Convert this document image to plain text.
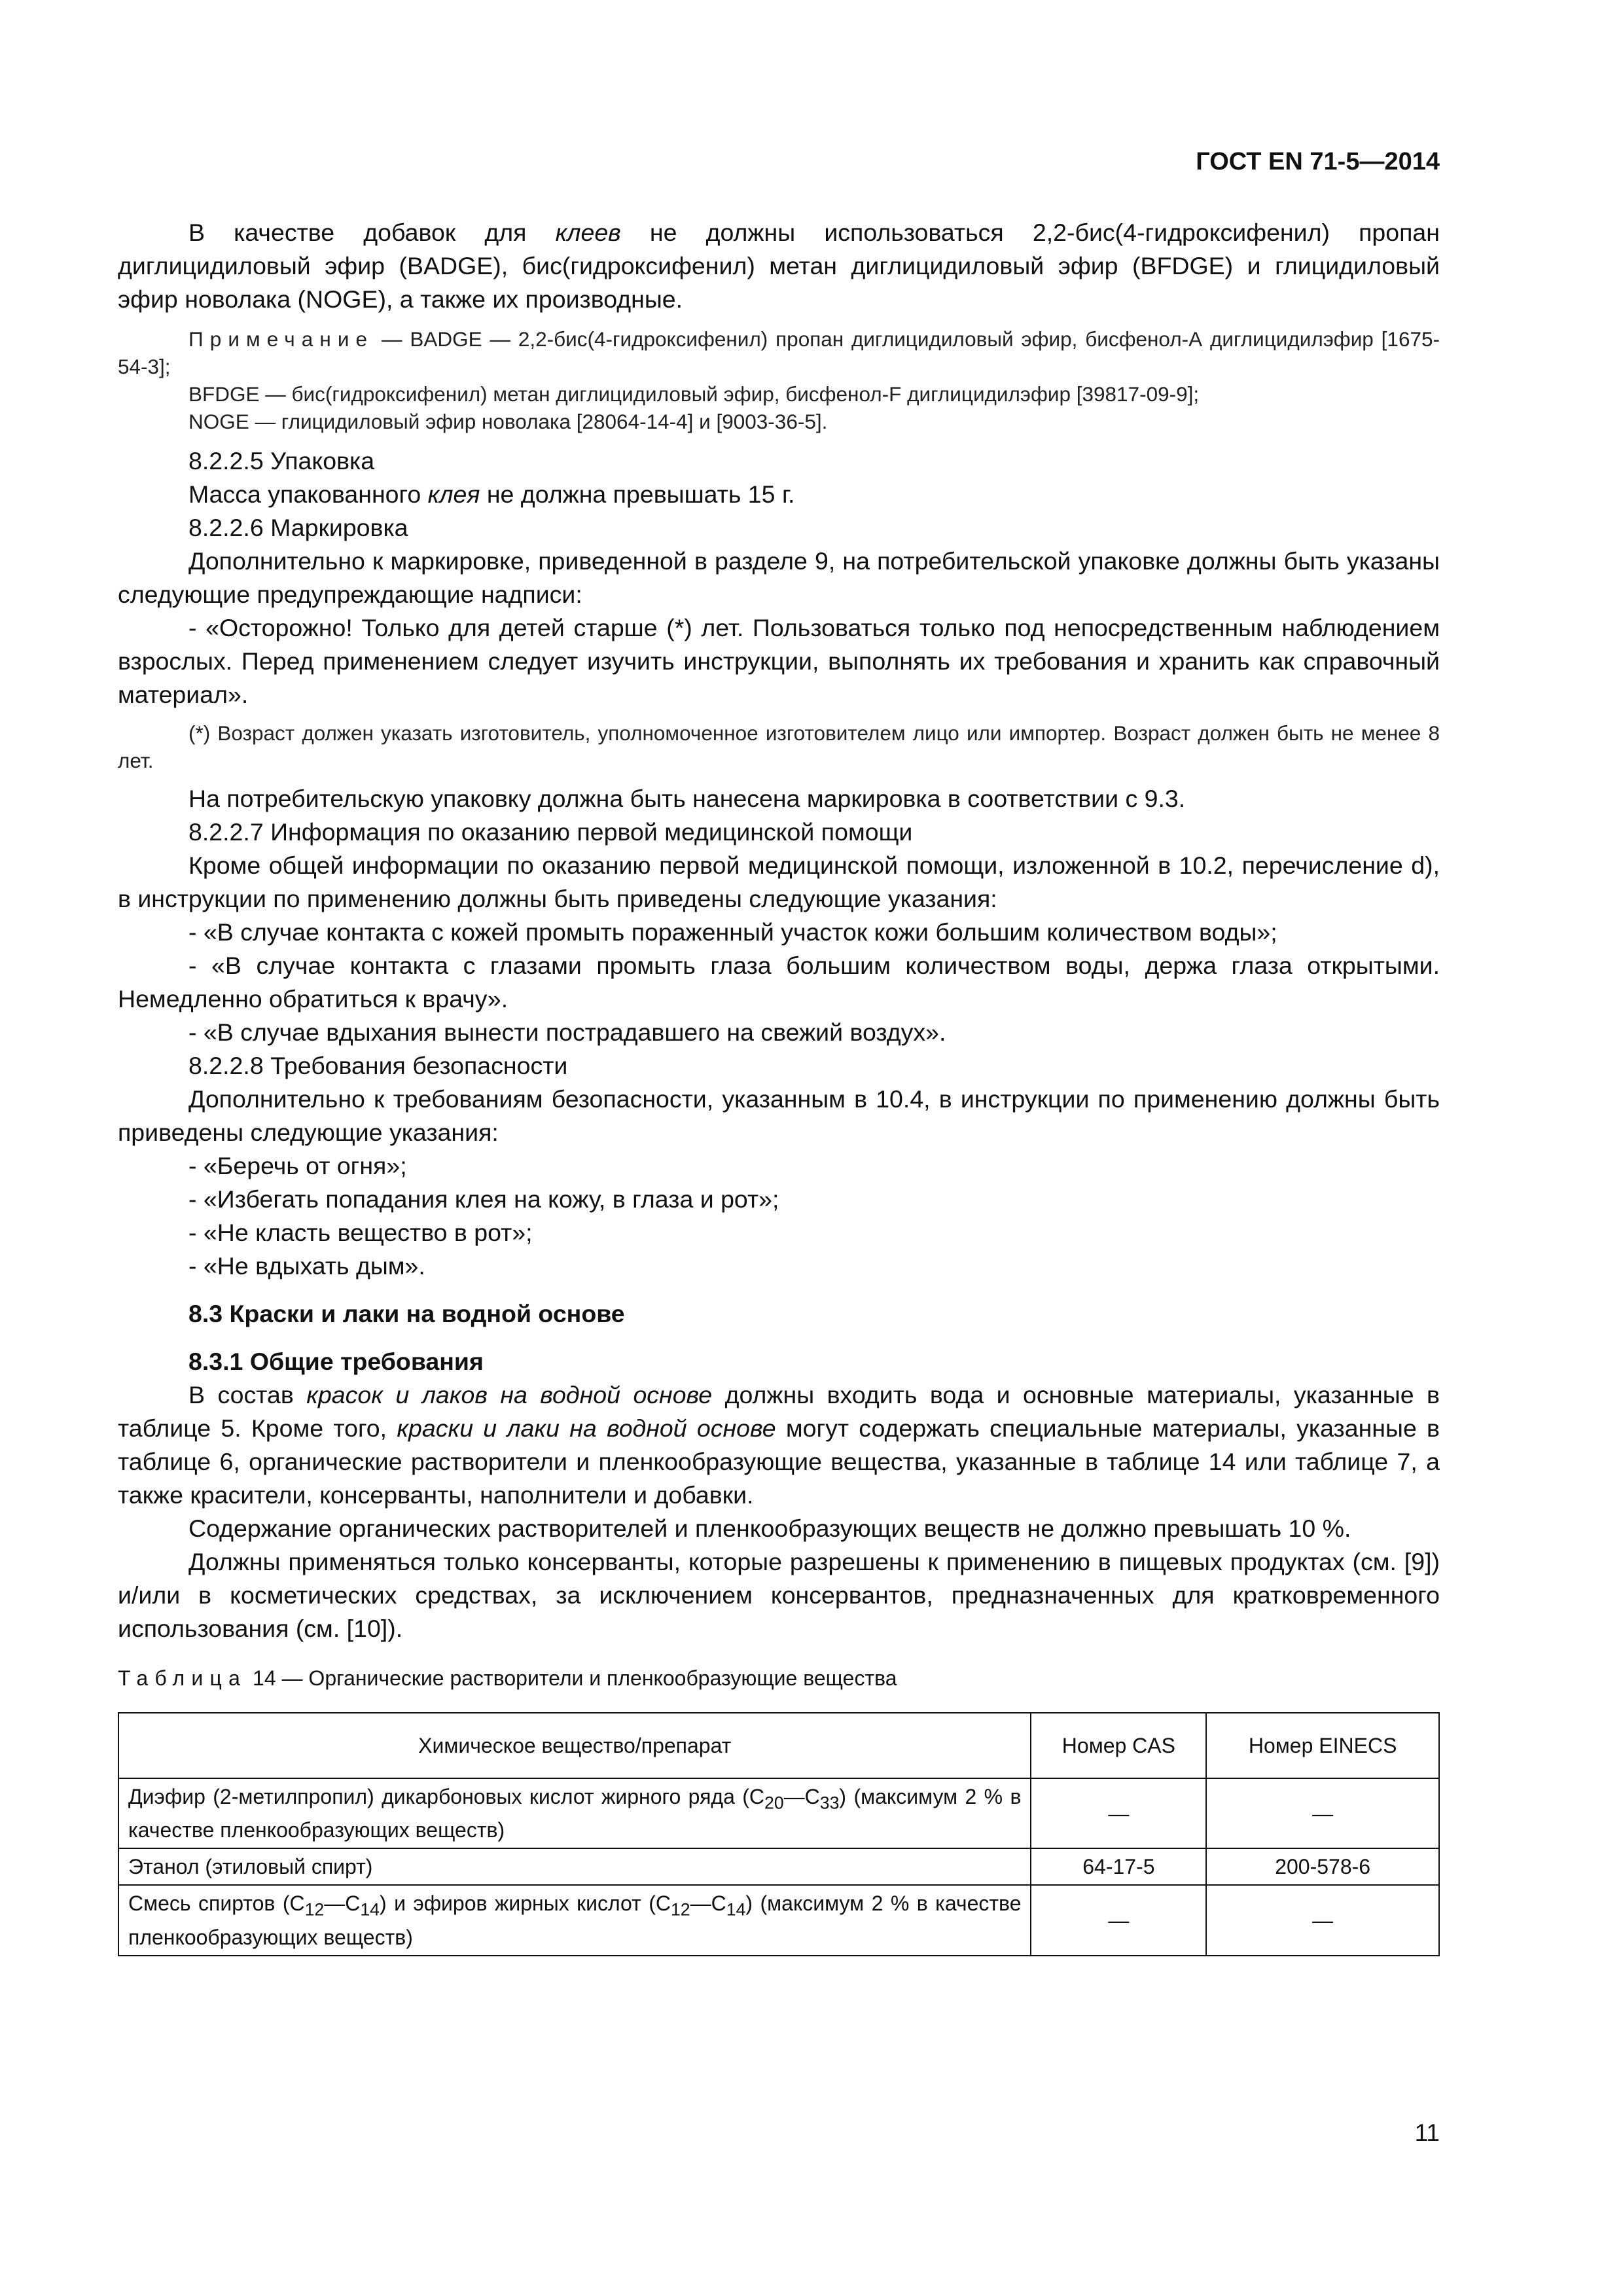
ГОСТ EN 71-5—2014

В качестве добавок для клеев не должны использоваться 2,2-бис(4-гидроксифенил) пропан диглицидиловый эфир (BADGE), бис(гидроксифенил) метан диглицидиловый эфир (BFDGE) и глицидиловый эфир новолака (NOGE), а также их производные.

Примечание — BADGE — 2,2-бис(4-гидроксифенил) пропан диглицидиловый эфир, бисфенол-А диглицидилэфир [1675-54-3];

BFDGE — бис(гидроксифенил) метан диглицидиловый эфир, бисфенол-F диглицидилэфир [39817-09-9];

NOGE — глицидиловый эфир новолака [28064-14-4] и [9003-36-5].

8.2.2.5 Упаковка

Масса упакованного клея не должна превышать 15 г.

8.2.2.6 Маркировка

Дополнительно к маркировке, приведенной в разделе 9, на потребительской упаковке должны быть указаны следующие предупреждающие надписи:

- «Осторожно! Только для детей старше (*) лет. Пользоваться только под непосредственным наблюдением взрослых. Перед применением следует изучить инструкции, выполнять их требования и хранить как справочный материал».

(*) Возраст должен указать изготовитель, уполномоченное изготовителем лицо или импортер. Возраст должен быть не менее 8 лет.

На потребительскую упаковку должна быть нанесена маркировка в соответствии с 9.3.

8.2.2.7 Информация по оказанию первой медицинской помощи

Кроме общей информации по оказанию первой медицинской помощи, изложенной в 10.2, перечисление d), в инструкции по применению должны быть приведены следующие указания:

- «В случае контакта с кожей промыть пораженный участок кожи большим количеством воды»;

- «В случае контакта с глазами промыть глаза большим количеством воды, держа глаза открытыми. Немедленно обратиться к врачу».

- «В случае вдыхания вынести пострадавшего на свежий воздух».

8.2.2.8 Требования безопасности

Дополнительно к требованиям безопасности, указанным в 10.4, в инструкции по применению должны быть приведены следующие указания:

- «Беречь от огня»;

- «Избегать попадания клея на кожу, в глаза и рот»;

- «Не класть вещество в рот»;

- «Не вдыхать дым».

8.3 Краски и лаки на водной основе

8.3.1 Общие требования

В состав красок и лаков на водной основе должны входить вода и основные материалы, указанные в таблице 5. Кроме того, краски и лаки на водной основе могут содержать специальные материалы, указанные в таблице 6, органические растворители и пленкообразующие вещества, указанные в таблице 14 или таблице 7, а также красители, консерванты, наполнители и добавки.

Содержание органических растворителей и пленкообразующих веществ не должно превышать 10 %.

Должны применяться только консерванты, которые разрешены к применению в пищевых продуктах (см. [9]) и/или в косметических средствах, за исключением консервантов, предназначенных для кратковременного использования (см. [10]).

Таблица 14 — Органические растворители и пленкообразующие вещества

Химическое вещество/препарат	Номер CAS	Номер EINECS
Диэфир (2-метилпропил) дикарбоновых кислот жирного ряда $(C_{20}—C_{33})$ (максимум 2 % в качестве пленкообразующих веществ)	—	—
Этанол (этиловый спирт)	64-17-5	200-578-6
Смесь спиртов $(C_{12}—C_{14})$ и эфиров жирных кислот $(C_{12}—C_{14})$ (максимум 2 % в качестве пленкообразующих веществ)	—	—
11
